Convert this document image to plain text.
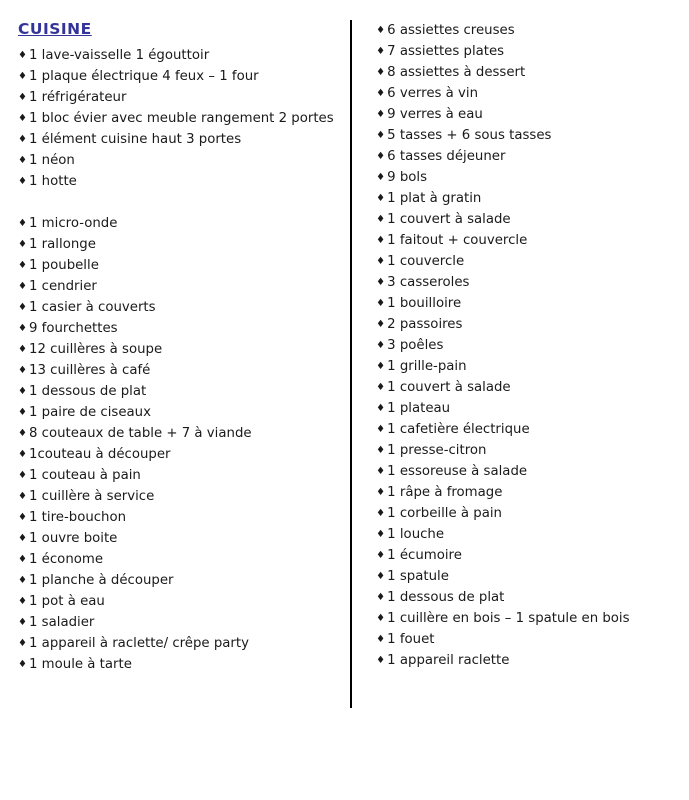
CUISINE
♦ 1 lave-vaisselle 1 égouttoir
♦ 1 plaque électrique 4 feux – 1 four
♦ 1 réfrigérateur
♦ 1 bloc évier avec meuble rangement 2 portes
♦ 1 élément cuisine haut 3 portes
♦ 1 néon
♦ 1 hotte
♦ 1 micro-onde
♦ 1 rallonge
♦ 1 poubelle
♦ 1 cendrier
♦ 1 casier à couverts
♦ 9 fourchettes
♦ 12 cuillères à soupe
♦ 13 cuillères à café
♦ 1 dessous de plat
♦ 1 paire de ciseaux
♦ 8 couteaux de table + 7 à viande
♦ 1couteau à découper
♦ 1 couteau à pain
♦ 1 cuillère à service
♦ 1 tire-bouchon
♦ 1 ouvre boite
♦ 1 économe
♦ 1 planche à découper
♦ 1 pot à eau
♦ 1 saladier
♦ 1 appareil à raclette/ crêpe party
♦ 1 moule à tarte
♦ 6 assiettes creuses
♦ 7 assiettes plates
♦ 8 assiettes à dessert
♦ 6 verres à vin
♦ 9 verres à eau
♦ 5 tasses + 6 sous tasses
♦ 6 tasses déjeuner
♦ 9 bols
♦ 1 plat à gratin
♦ 1 couvert à salade
♦ 1 faitout + couvercle
♦ 1 couvercle
♦ 3 casseroles
♦ 1 bouilloire
♦ 2 passoires
♦ 3 poêles
♦ 1 grille-pain
♦ 1 couvert à salade
♦ 1 plateau
♦ 1 cafetière électrique
♦ 1 presse-citron
♦ 1 essoreuse à salade
♦ 1 râpe à fromage
♦ 1 corbeille à pain
♦ 1 louche
♦ 1 écumoire
♦ 1 spatule
♦ 1 dessous de plat
♦ 1 cuillère en bois – 1 spatule en bois
♦ 1 fouet
♦ 1 appareil raclette
